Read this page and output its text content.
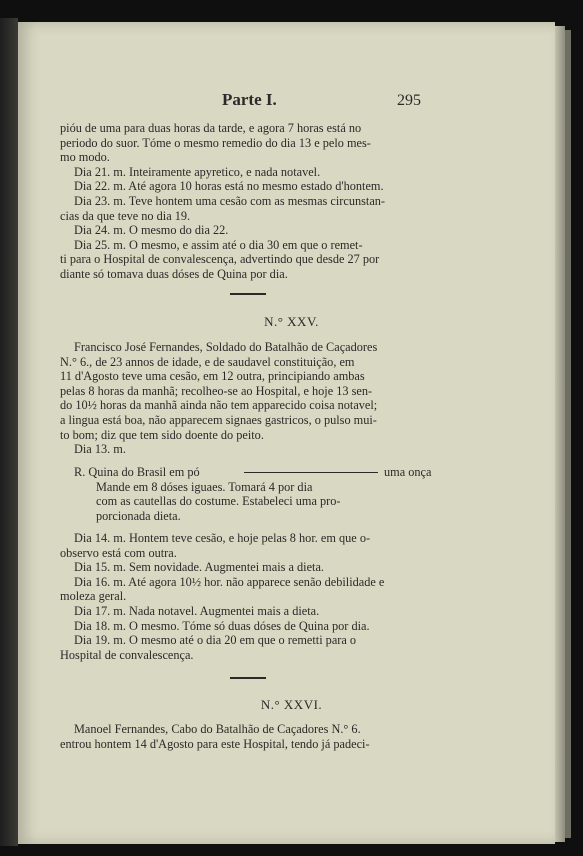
Parte I.	295
pióu de uma para duas horas da tarde, e agora 7 horas está no
periodo do suor. Tóme o mesmo remedio do dia 13 e pelo mes-
mo modo.
Dia 21. m. Inteiramente apyretico, e nada notavel.
Dia 22. m. Até agora 10 horas está no mesmo estado d'hontem.
Dia 23. m. Teve hontem uma cesão com as mesmas circunstan-
cias da que teve no dia 19.
Dia 24. m. O mesmo do dia 22.
Dia 25. m. O mesmo, e assim até o dia 30 em que o remet-
ti para o Hospital de convalescença, advertindo que desde 27 por
diante só tomava duas dóses de Quina por dia.
N.° XXV.
Francisco José Fernandes, Soldado do Batalhão de Caçadores
N.° 6., de 23 annos de idade, e de saudavel constituição, em
11 d'Agosto teve uma cesão, em 12 outra, principiando ambas
pelas 8 horas da manhã; recolheo-se ao Hospital, e hoje 13 sen-
do 10½ horas da manhã ainda não tem apparecido coisa notavel;
a lingua está boa, não apparecem signaes gastricos, o pulso mui-
to bom; diz que tem sido doente do peito.
Dia 13. m.
R. Quina do Brasil em pó
Mande em 8 dóses iguaes. Tomará 4 por dia
com as cautellas do costume. Estabeleci uma pro-
porcionada dieta.
uma onça
Dia 14. m. Hontem teve cesão, e hoje pelas 8 hor. em que o-
observo está com outra.
Dia 15. m. Sem novidade. Augmentei mais a dieta.
Dia 16. m. Até agora 10½ hor. não apparece senão debilidade e
moleza geral.
Dia 17. m. Nada notavel. Augmentei mais a dieta.
Dia 18. m. O mesmo. Tóme só duas dóses de Quina por dia.
Dia 19. m. O mesmo até o dia 20 em que o remetti para o
Hospital de convalescença.
N.° XXVI.
Manoel Fernandes, Cabo do Batalhão de Caçadores N.° 6.
entrou hontem 14 d'Agosto para este Hospital, tendo já padeci-
